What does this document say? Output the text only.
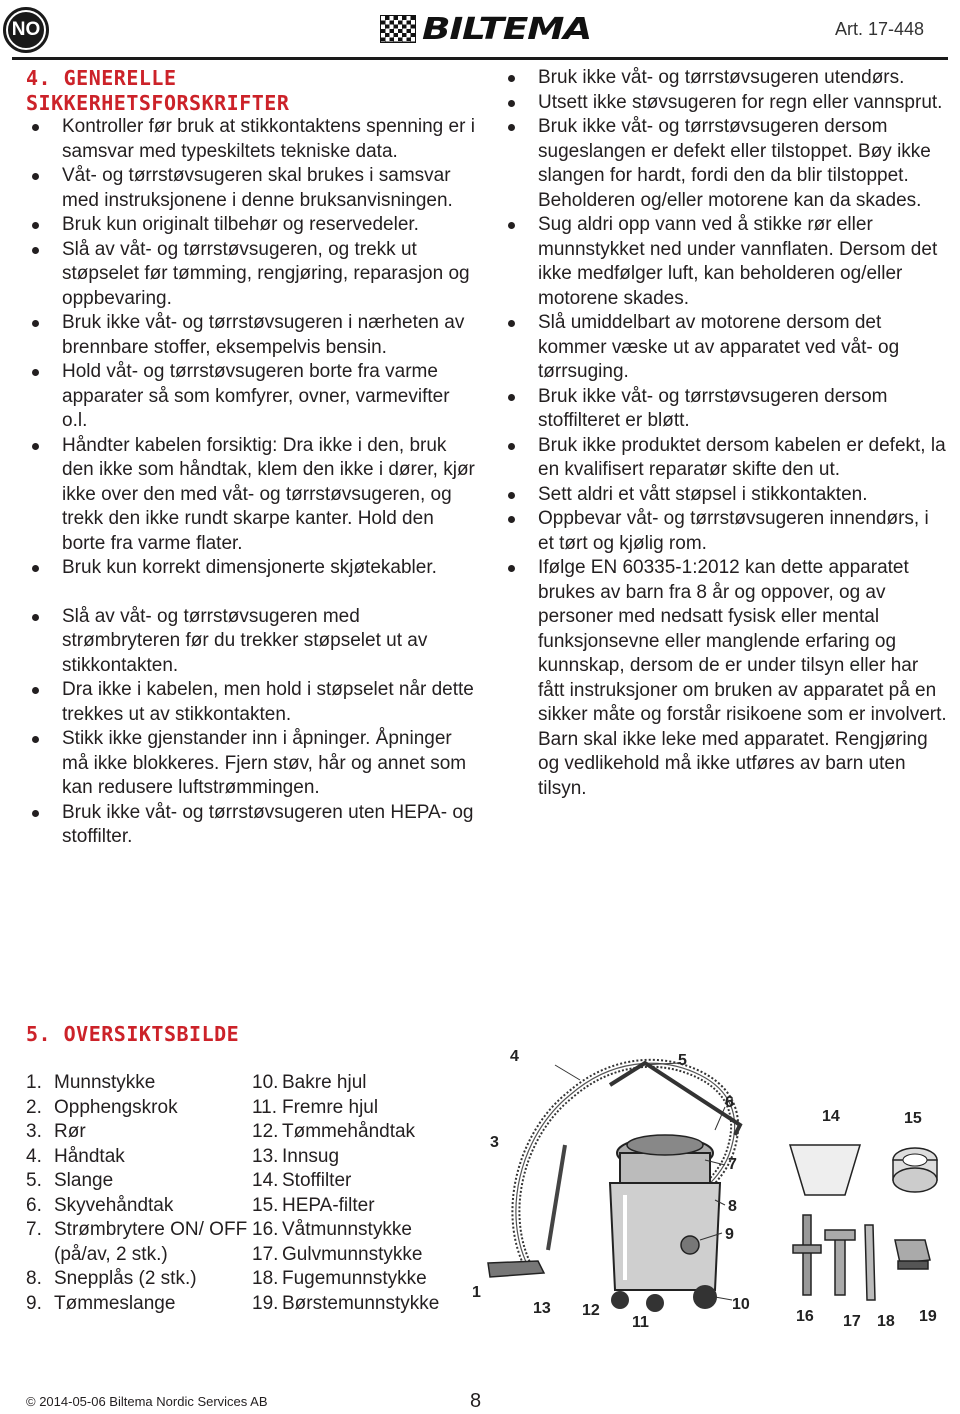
NO	BILTEMA	Art. 17-448
4. GENERELLE
SIKKERHETSFORSKRIFTER
Kontroller før bruk at stikkontaktens spenning er i samsvar med typeskiltets tekniske data.
Våt- og tørrstøvsugeren skal brukes i samsvar med instruksjonene i denne bruksanvisningen.
Bruk kun originalt tilbehør og reservedeler.
Slå av våt- og tørrstøvsugeren, og trekk ut støpselet før tømming, rengjøring, reparasjon og oppbevaring.
Bruk ikke våt- og tørrstøvsugeren i nærheten av brennbare stoffer, eksempelvis bensin.
Hold våt- og tørrstøvsugeren borte fra varme apparater så som komfyrer, ovner, varmevifter o.l.
Håndter kabelen forsiktig: Dra ikke i den, bruk den ikke som håndtak, klem den ikke i dører, kjør ikke over den med våt- og tørrstøvsugeren, og trekk den ikke rundt skarpe kanter. Hold den borte fra varme flater.
Bruk kun korrekt dimensjonerte skjøtekabler.
Slå av våt- og tørrstøvsugeren med strømbryteren før du trekker støpselet ut av stikkontakten.
Dra ikke i kabelen, men hold i støpselet når dette trekkes ut av stikkontakten.
Stikk ikke gjenstander inn i åpninger. Åpninger må ikke blokkeres. Fjern støv, hår og annet som kan redusere luftstrømmingen.
Bruk ikke våt- og tørrstøvsugeren uten HEPA- og stoffilter.
Bruk ikke våt- og tørrstøvsugeren utendørs.
Utsett ikke støvsugeren for regn eller vannsprut.
Bruk ikke våt- og tørrstøvsugeren dersom sugeslangen er defekt eller tilstoppet. Bøy ikke slangen for hardt, fordi den da blir tilstoppet. Beholderen og/eller motorene kan da skades.
Sug aldri opp vann ved å stikke rør eller munnstykket ned under vannflaten. Dersom det ikke medfølger luft, kan beholderen og/eller motorene skades.
Slå umiddelbart av motorene dersom det kommer væske ut av apparatet ved våt- og tørrsuging.
Bruk ikke våt- og tørrstøvsugeren dersom stoffilteret er bløtt.
Bruk ikke produktet dersom kabelen er defekt, la en kvalifisert reparatør skifte den ut.
Sett aldri et vått støpsel i stikkontakten.
Oppbevar våt- og tørrstøvsugeren innendørs, i et tørt og kjølig rom.
Ifølge EN 60335-1:2012 kan dette apparatet brukes av barn fra 8 år og oppover, og av personer med nedsatt fysisk eller mental funksjonsevne eller manglende erfaring og kunnskap, dersom de er under tilsyn eller har fått instruksjoner om bruken av apparatet på en sikker måte og forstår risikoene som er involvert. Barn skal ikke leke med apparatet. Rengjøring og vedlikehold må ikke utføres av barn uten tilsyn.
5. OVERSIKTSBILDE
1. Munnstykke
2. Opphengskrok
3. Rør
4. Håndtak
5. Slange
6. Skyvehåndtak
7. Strømbrytere ON/ OFF (på/av, 2 stk.)
8. Snepplås (2 stk.)
9. Tømmeslange
10. Bakre hjul
11. Fremre hjul
12. Tømmehåndtak
13. Innsug
14. Stoffilter
15. HEPA-filter
16. Våtmunnstykke
17. Gulvmunnstykke
18. Fugemunnstykke
19. Børstemunnstykke	1
3
4	5
6
7
8
9
10
11
12
13
14	15
16 17 18 19
© 2014-05-06 Biltema Nordic Services AB	8
